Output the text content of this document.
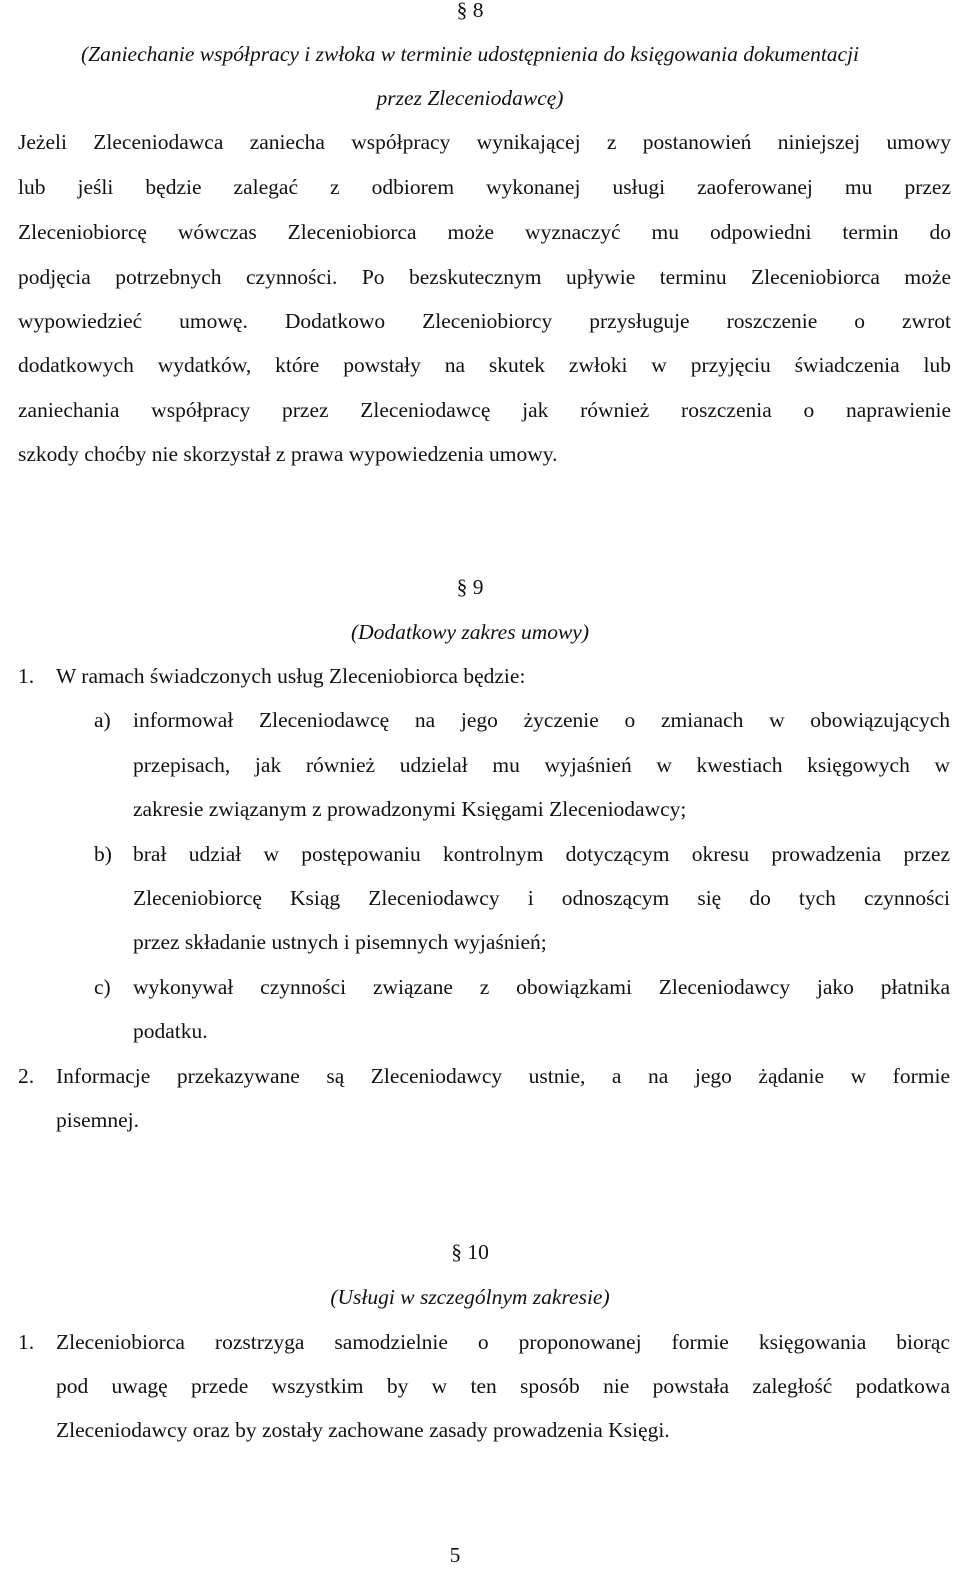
§ 8
(Zaniechanie współpracy i zwłoka w terminie udostępnienia do księgowania dokumentacji
przez Zleceniodawcę)
Jeżeli Zleceniodawca zaniecha współpracy wynikającej z postanowień niniejszej umowy
lub jeśli będzie zalegać z odbiorem wykonanej usługi zaoferowanej mu przez
Zleceniobiorcę wówczas Zleceniobiorca może wyznaczyć mu odpowiedni termin do
podjęcia potrzebnych czynności. Po bezskutecznym upływie terminu Zleceniobiorca może
wypowiedzieć umowę. Dodatkowo Zleceniobiorcy przysługuje roszczenie o zwrot
dodatkowych wydatków, które powstały na skutek zwłoki w przyjęciu świadczenia lub
zaniechania współpracy przez Zleceniodawcę jak również roszczenia o naprawienie
szkody choćby nie skorzystał z prawa wypowiedzenia umowy.
§ 9
(Dodatkowy zakres umowy)
1. W ramach świadczonych usług Zleceniobiorca będzie:
a) informował Zleceniodawcę na jego życzenie o zmianach w obowiązujących
przepisach, jak również udzielał mu wyjaśnień w kwestiach księgowych w
zakresie związanym z prowadzonymi Księgami Zleceniodawcy;
b) brał udział w postępowaniu kontrolnym dotyczącym okresu prowadzenia przez
Zleceniobiorcę Ksiąg Zleceniodawcy i odnoszącym się do tych czynności
przez składanie ustnych i pisemnych wyjaśnień;
c) wykonywał czynności związane z obowiązkami Zleceniodawcy jako płatnika
podatku.
2. Informacje przekazywane są Zleceniodawcy ustnie, a na jego żądanie w formie
pisemnej.
§ 10
(Usługi w szczególnym zakresie)
1. Zleceniobiorca rozstrzyga samodzielnie o proponowanej formie księgowania biorąc
pod uwagę przede wszystkim by w ten sposób nie powstała zaległość podatkowa
Zleceniodawcy oraz by zostały zachowane zasady prowadzenia Księgi.
5
